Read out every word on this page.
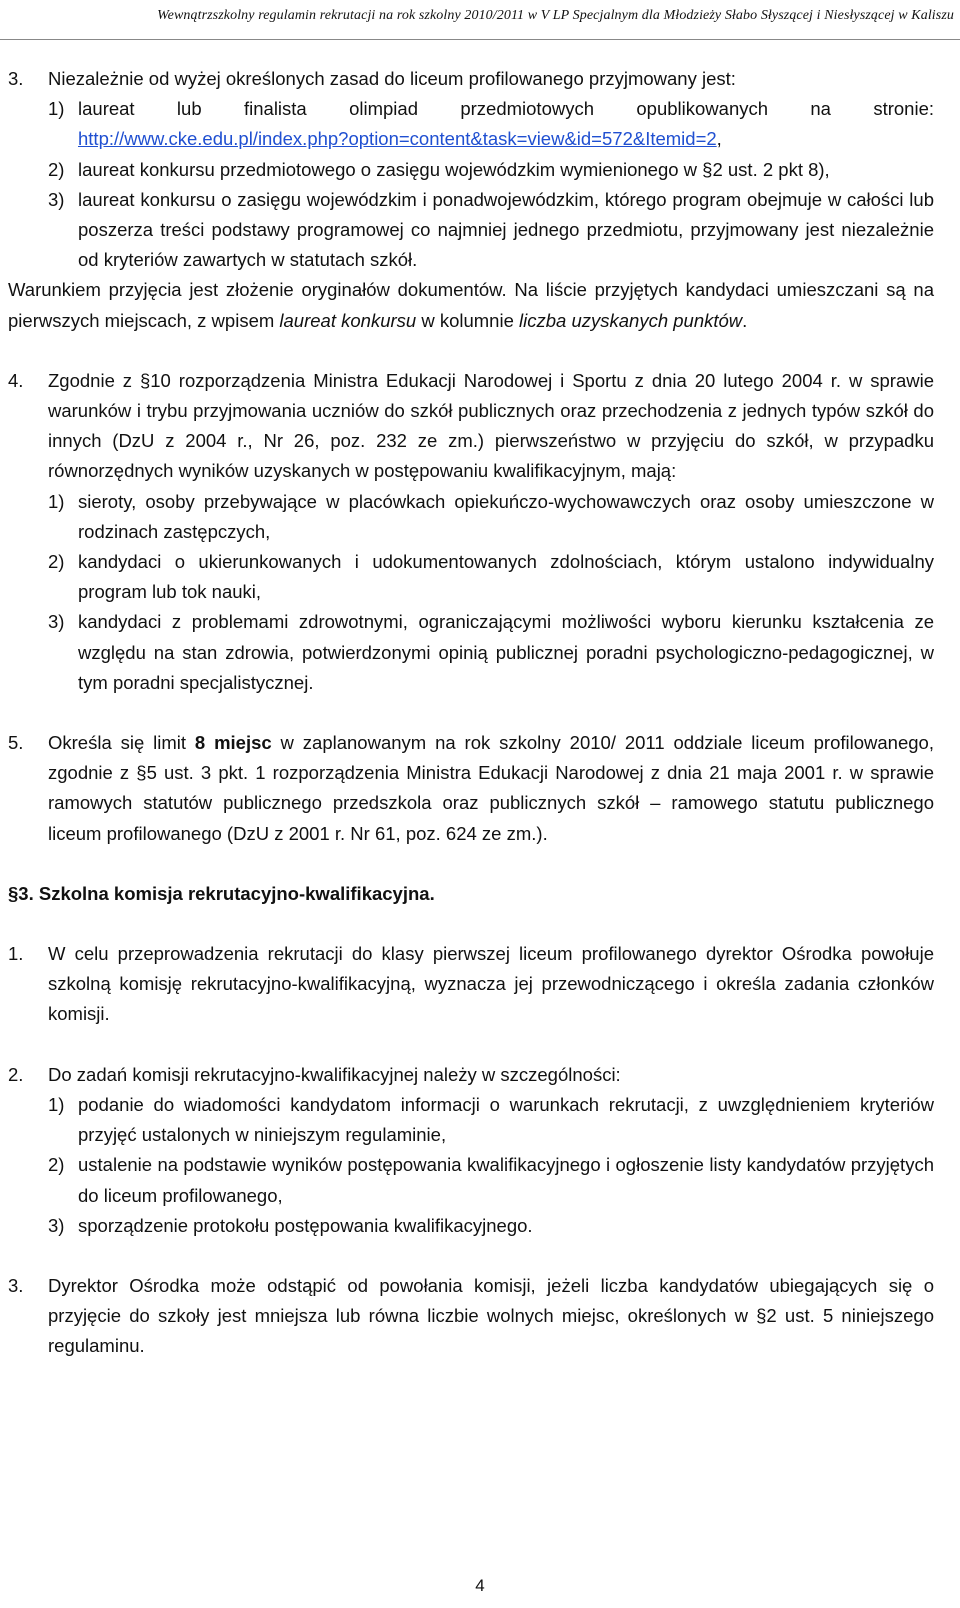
Wewnątrzszkolny regulamin rekrutacji na rok szkolny 2010/2011 w V LP Specjalnym dla Młodzieży Słabo Słyszącej i Niesłyszącej w Kaliszu
3. Niezależnie od wyżej określonych zasad do liceum profilowanego przyjmowany jest:
1) laureat lub finalista olimpiad przedmiotowych opublikowanych na stronie: http://www.cke.edu.pl/index.php?option=content&task=view&id=572&Itemid=2,
2) laureat konkursu przedmiotowego o zasięgu wojewódzkim wymienionego w §2 ust. 2 pkt 8),
3) laureat konkursu o zasięgu wojewódzkim i ponadwojewódzkim, którego program obejmuje w całości lub poszerza treści podstawy programowej co najmniej jednego przedmiotu, przyjmowany jest niezależnie od kryteriów zawartych w statutach szkół.
Warunkiem przyjęcia jest złożenie oryginałów dokumentów. Na liście przyjętych kandydaci umieszczani są na pierwszych miejscach, z wpisem laureat konkursu w kolumnie liczba uzyskanych punktów.
4. Zgodnie z §10 rozporządzenia Ministra Edukacji Narodowej i Sportu z dnia 20 lutego 2004 r. w sprawie warunków i trybu przyjmowania uczniów do szkół publicznych oraz przechodzenia z jednych typów szkół do innych (DzU z 2004 r., Nr 26, poz. 232 ze zm.) pierwszeństwo w przyjęciu do szkół, w przypadku równorzędnych wyników uzyskanych w postępowaniu kwalifikacyjnym, mają:
1) sieroty, osoby przebywające w placówkach opiekuńczo-wychowawczych oraz osoby umieszczone w rodzinach zastępczych,
2) kandydaci o ukierunkowanych i udokumentowanych zdolnościach, którym ustalono indywidualny program lub tok nauki,
3) kandydaci z problemami zdrowotnymi, ograniczającymi możliwości wyboru kierunku kształcenia ze względu na stan zdrowia, potwierdzonymi opinią publicznej poradni psychologiczno-pedagogicznej, w tym poradni specjalistycznej.
5. Określa się limit 8 miejsc w zaplanowanym na rok szkolny 2010/ 2011 oddziale liceum profilowanego, zgodnie z §5 ust. 3 pkt. 1 rozporządzenia Ministra Edukacji Narodowej z dnia 21 maja 2001 r. w sprawie ramowych statutów publicznego przedszkola oraz publicznych szkół – ramowego statutu publicznego liceum profilowanego (DzU z 2001 r. Nr 61, poz. 624 ze zm.).
§3. Szkolna komisja rekrutacyjno-kwalifikacyjna.
1. W celu przeprowadzenia rekrutacji do klasy pierwszej liceum profilowanego dyrektor Ośrodka powołuje szkolną komisję rekrutacyjno-kwalifikacyjną, wyznacza jej przewodniczącego i określa zadania członków komisji.
2. Do zadań komisji rekrutacyjno-kwalifikacyjnej należy w szczególności:
1) podanie do wiadomości kandydatom informacji o warunkach rekrutacji, z uwzględnieniem kryteriów przyjęć ustalonych w niniejszym regulaminie,
2) ustalenie na podstawie wyników postępowania kwalifikacyjnego i ogłoszenie listy kandydatów przyjętych do liceum profilowanego,
3) sporządzenie protokołu postępowania kwalifikacyjnego.
3. Dyrektor Ośrodka może odstąpić od powołania komisji, jeżeli liczba kandydatów ubiegających się o przyjęcie do szkoły jest mniejsza lub równa liczbie wolnych miejsc, określonych w §2 ust. 5 niniejszego regulaminu.
4
